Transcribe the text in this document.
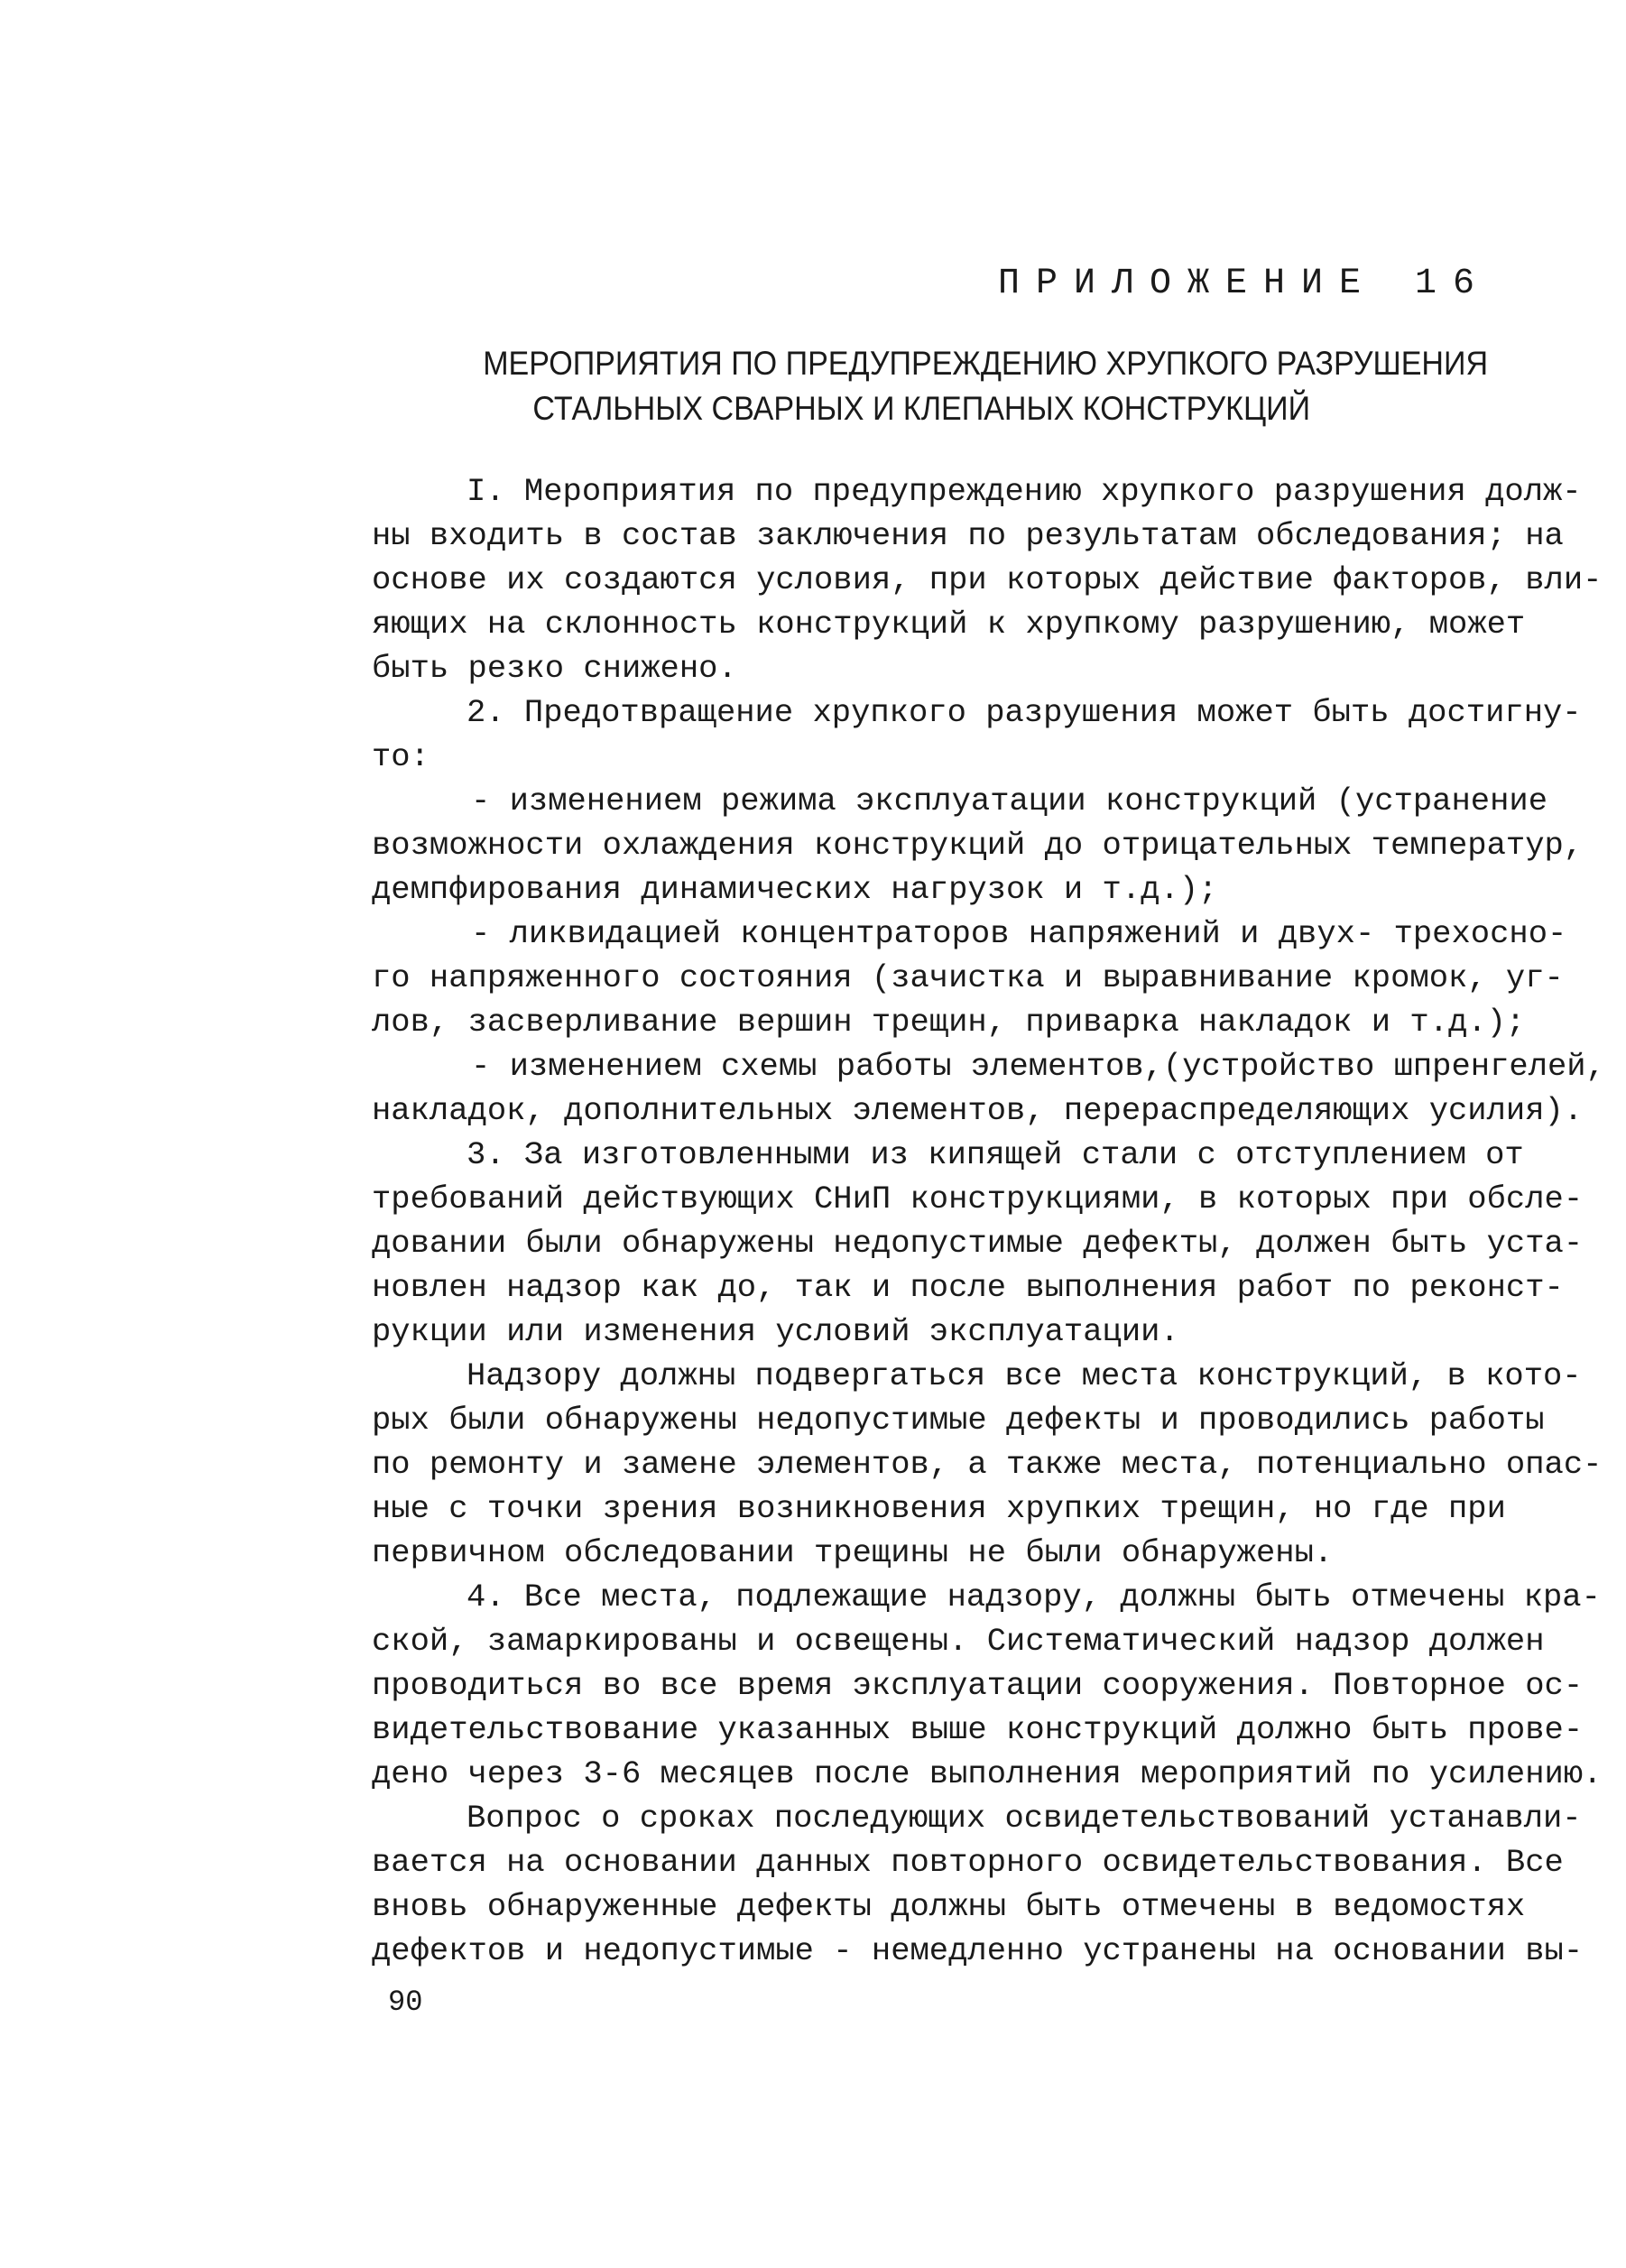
ПРИЛОЖЕНИЕ 16
МЕРОПРИЯТИЯ ПО ПРЕДУПРЕЖДЕНИЮ ХРУПКОГО РАЗРУШЕНИЯ
СТАЛЬНЫХ СВАРНЫХ И КЛЕПАНЫХ КОНСТРУКЦИЙ
I. Мероприятия по предупреждению хрупкого разрушения долж-
ны входить в состав заключения по результатам обследования; на
основе их создаются условия, при которых действие факторов, вли-
яющих на склонность конструкций к хрупкому разрушению, может
быть резко снижено.
2. Предотвращение хрупкого разрушения может быть достигну-
то:
- изменением режима эксплуатации конструкций (устранение
возможности охлаждения конструкций до отрицательных температур,
демпфирования динамических нагрузок и т.д.);
- ликвидацией концентраторов напряжений и двух- трехосно-
го напряженного состояния (зачистка и выравнивание кромок, уг-
лов, засверливание вершин трещин, приварка накладок и т.д.);
- изменением схемы работы элементов,(устройство шпренгелей,
накладок, дополнительных элементов, перераспределяющих усилия).
3. За изготовленными из кипящей стали с отступлением от
требований действующих СНиП конструкциями, в которых при обсле-
довании были обнаружены недопустимые дефекты, должен быть уста-
новлен надзор как до, так и после выполнения работ по реконст-
рукции или изменения условий эксплуатации.
Надзору должны подвергаться все места конструкций, в кото-
рых были обнаружены недопустимые дефекты и проводились работы
по ремонту и замене элементов, а также места, потенциально опас-
ные с точки зрения возникновения хрупких трещин, но где при
первичном обследовании трещины не были обнаружены.
4. Все места, подлежащие надзору, должны быть отмечены кра-
ской, замаркированы и освещены. Систематический надзор должен
проводиться во все время эксплуатации сооружения. Повторное ос-
видетельствование указанных выше конструкций должно быть прове-
дено через 3-6 месяцев после выполнения мероприятий по усилению.
Вопрос о сроках последующих освидетельствований устанавли-
вается на основании данных повторного освидетельствования. Все
вновь обнаруженные дефекты должны быть отмечены в ведомостях
дефектов и недопустимые - немедленно устранены на основании вы-
90
